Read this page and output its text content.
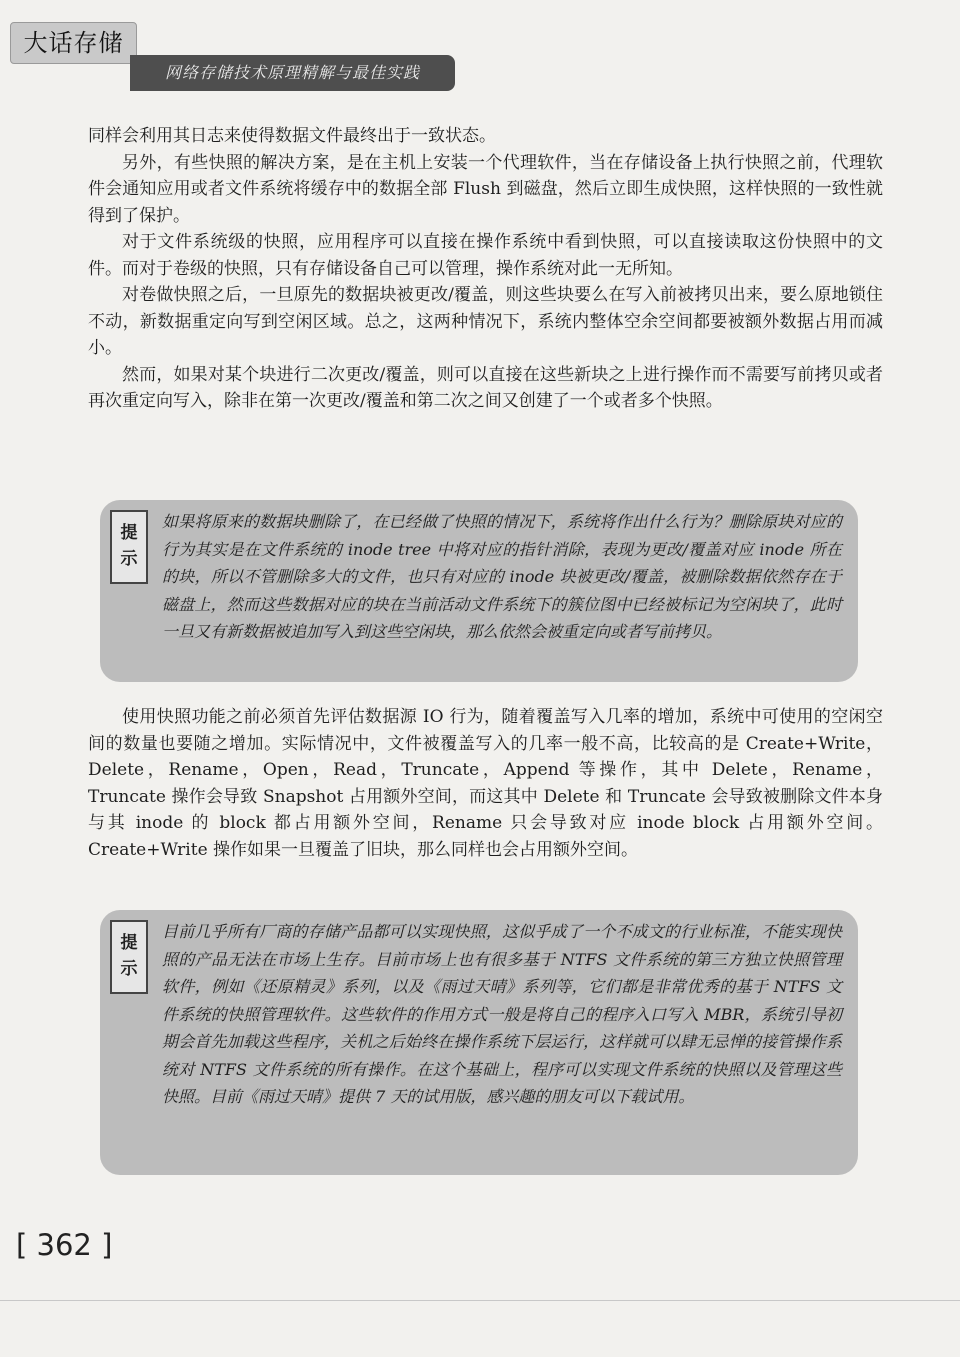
大话存储
网络存储技术原理精解与最佳实践

同样会利用其日志来使得数据文件最终出于一致状态。

另外，有些快照的解决方案，是在主机上安装一个代理软件，当在存储设备上执行快照之前，代理软件会通知应用或者文件系统将缓存中的数据全部 Flush 到磁盘，然后立即生成快照，这样快照的一致性就得到了保护。

对于文件系统级的快照，应用程序可以直接在操作系统中看到快照，可以直接读取这份快照中的文件。而对于卷级的快照，只有存储设备自己可以管理，操作系统对此一无所知。

对卷做快照之后，一旦原先的数据块被更改/覆盖，则这些块要么在写入前被拷贝出来，要么原地锁住不动，新数据重定向写到空闲区域。总之，这两种情况下，系统内整体空余空间都要被额外数据占用而减小。

然而，如果对某个块进行二次更改/覆盖，则可以直接在这些新块之上进行操作而不需要写前拷贝或者再次重定向写入，除非在第一次更改/覆盖和第二次之间又创建了一个或者多个快照。

提
示

如果将原来的数据块删除了，在已经做了快照的情况下，系统将作出什么行为？删除原块对应的行为其实是在文件系统的 inode tree 中将对应的指针消除，表现为更改/覆盖对应 inode 所在的块，所以不管删除多大的文件，也只有对应的 inode 块被更改/覆盖，被删除数据依然存在于磁盘上，然而这些数据对应的块在当前活动文件系统下的簇位图中已经被标记为空闲块了，此时一旦又有新数据被追加写入到这些空闲块，那么依然会被重定向或者写前拷贝。

使用快照功能之前必须首先评估数据源 IO 行为，随着覆盖写入几率的增加，系统中可使用的空闲空间的数量也要随之增加。实际情况中，文件被覆盖写入的几率一般不高，比较高的是 Create+Write，Delete，Rename，Open，Read，Truncate，Append 等操作，其中 Delete，Rename，Truncate 操作会导致 Snapshot 占用额外空间，而这其中 Delete 和 Truncate 会导致被删除文件本身与其 inode 的 block 都占用额外空间，Rename 只会导致对应 inode block 占用额外空间。Create+Write 操作如果一旦覆盖了旧块，那么同样也会占用额外空间。

提
示

目前几乎所有厂商的存储产品都可以实现快照，这似乎成了一个不成文的行业标准，不能实现快照的产品无法在市场上生存。目前市场上也有很多基于 NTFS 文件系统的第三方独立快照管理软件，例如《还原精灵》系列，以及《雨过天晴》系列等，它们都是非常优秀的基于 NTFS 文件系统的快照管理软件。这些软件的作用方式一般是将自己的程序入口写入 MBR，系统引导初期会首先加载这些程序，关机之后始终在操作系统下层运行，这样就可以肆无忌惮的接管操作系统对 NTFS 文件系统的所有操作。在这个基础上，程序可以实现文件系统的快照以及管理这些快照。目前《雨过天晴》提供 7 天的试用版，感兴趣的朋友可以下载试用。

[ 362 ]
